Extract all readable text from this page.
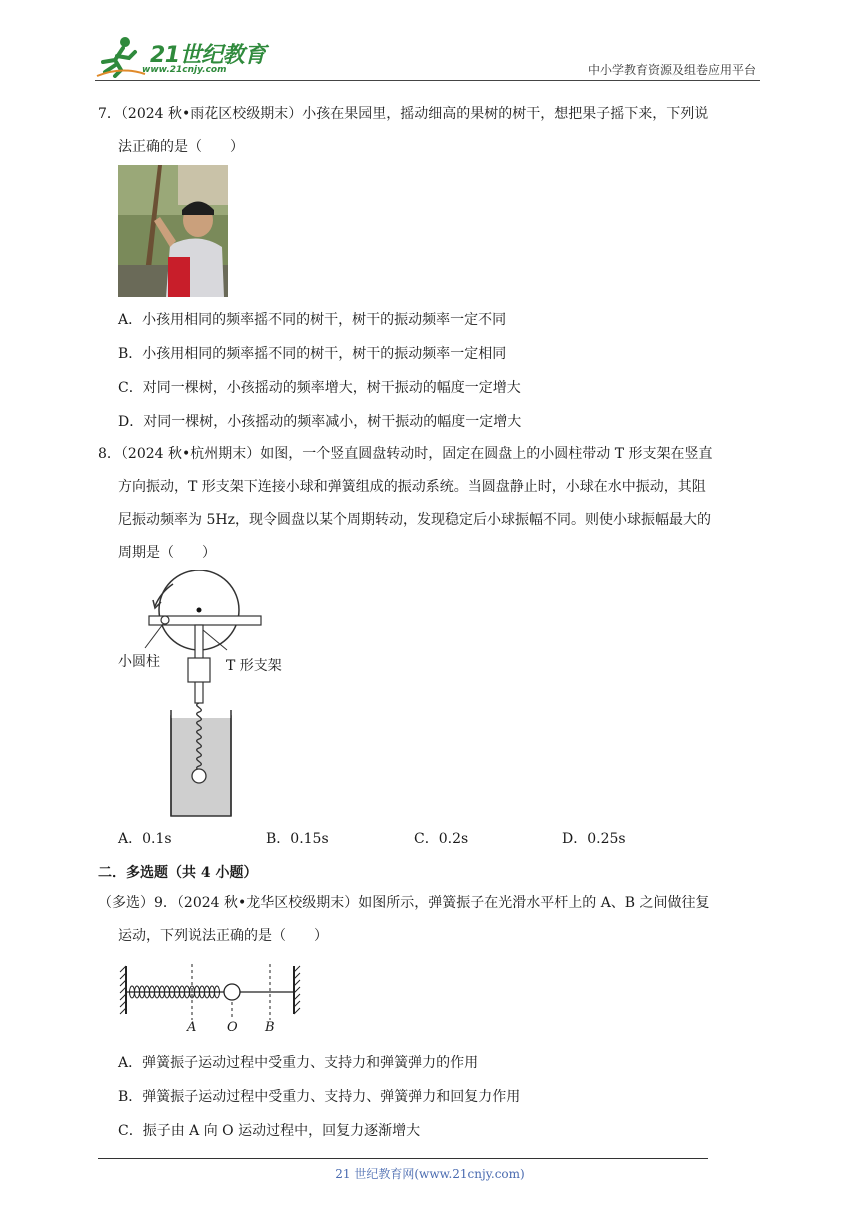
21世纪教育
www.21cnjy.com	中小学教育资源及组卷应用平台
7．（2024 秋•雨花区校级期末）小孩在果园里，摇动细高的果树的树干，想把果子摇下来，下列说
法正确的是（　　）
A．小孩用相同的频率摇不同的树干，树干的振动频率一定不同
B．小孩用相同的频率摇不同的树干，树干的振动频率一定相同
C．对同一棵树，小孩摇动的频率增大，树干振动的幅度一定增大
D．对同一棵树，小孩摇动的频率减小，树干振动的幅度一定增大
8．（2024 秋•杭州期末）如图，一个竖直圆盘转动时，固定在圆盘上的小圆柱带动 T 形支架在竖直
方向振动，T 形支架下连接小球和弹簧组成的振动系统。当圆盘静止时，小球在水中振动，其阻
尼振动频率为 5Hz，现令圆盘以某个周期转动，发现稳定后小球振幅不同。则使小球振幅最大的
周期是（　　）
小圆柱	T 形支架
A．0.1s	B．0.15s	C．0.2s	D．0.25s
二．多选题（共 4 小题）
（多选）9．（2024 秋•龙华区校级期末）如图所示，弹簧振子在光滑水平杆上的 A、B 之间做往复
运动，下列说法正确的是（　　）
A O B
A．弹簧振子运动过程中受重力、支持力和弹簧弹力的作用
B．弹簧振子运动过程中受重力、支持力、弹簧弹力和回复力作用
C．振子由 A 向 O 运动过程中，回复力逐渐增大
21 世纪教育网(www.21cnjy.com)
